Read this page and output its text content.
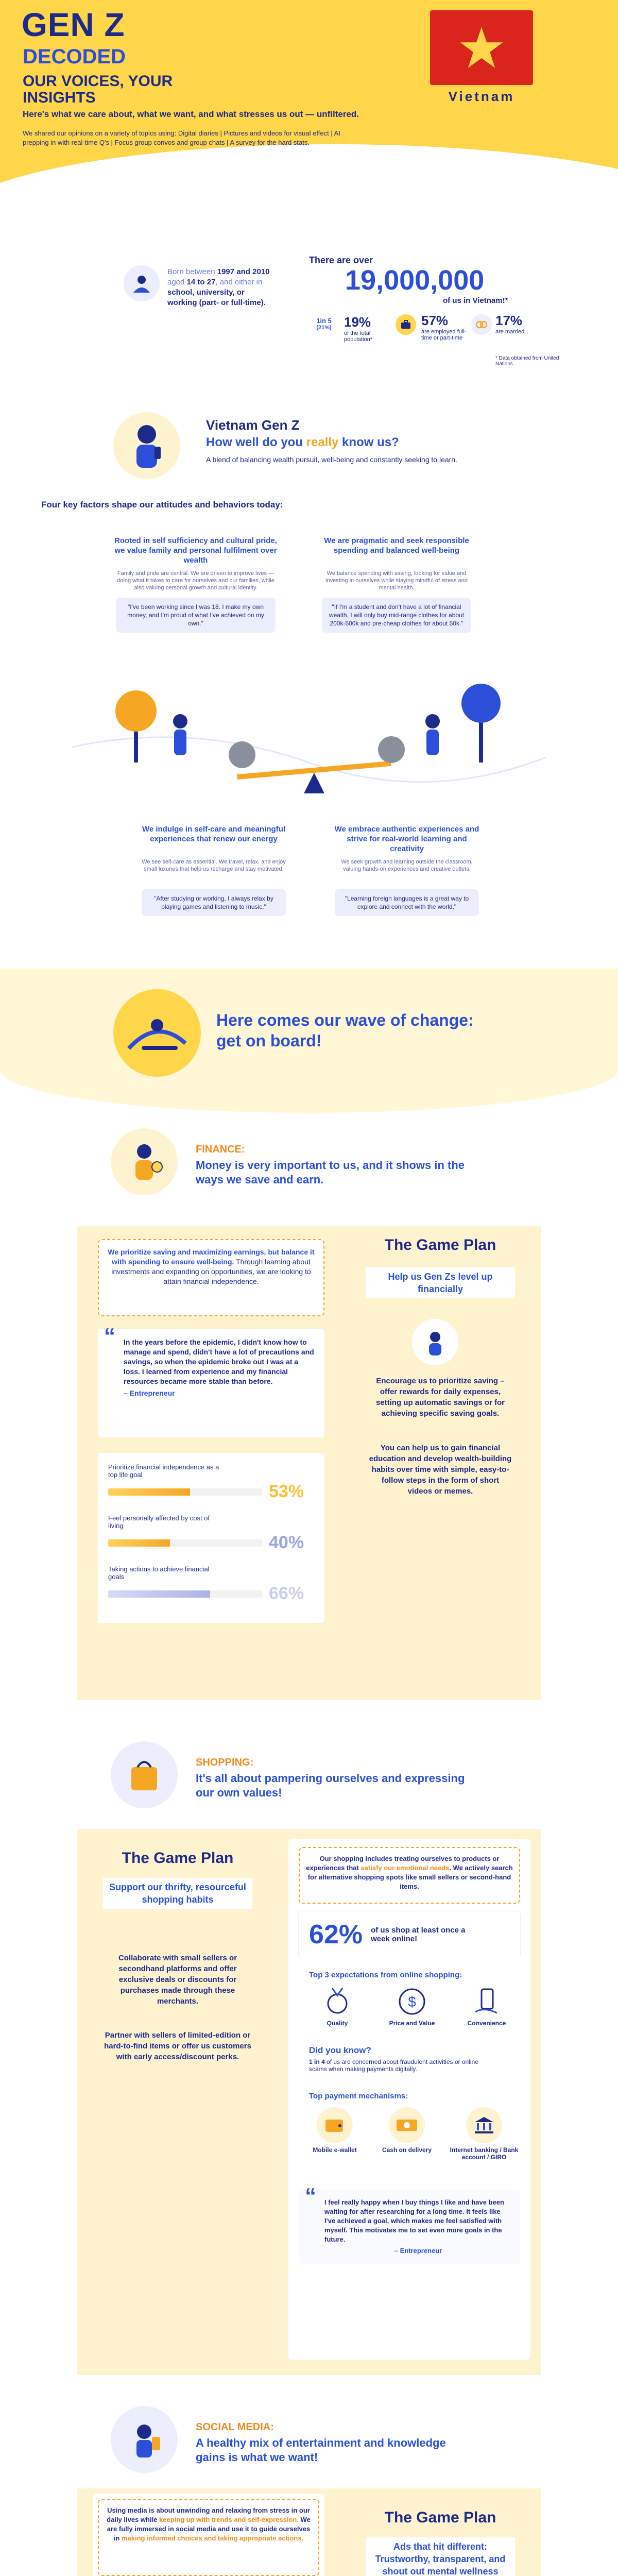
GEN Z
DECODED
OUR VOICES, YOUR
INSIGHTS
Here's what we care about, what we want, and what stresses us out — unfiltered.
We shared our opinions on a variety of topics using: Digital diaries | Pictures and videos for visual effect | AI
prepping in with real-time Q's | Focus group convos and group chats | A survey for the hard stats.
Vietnam
Born between 1997 and 2010
aged 14 to 27, and either in
school, university, or
working (part- or full-time).
There are over
19,000,000
of us in Vietnam!*
1in 5
(21%) 19%
of the total population*
57%
are employed full-time or part-time
17%
are married
* Data obtained from United Nations
Vietnam Gen Z
How well do you really know us?
A blend of balancing wealth pursuit, well-being and constantly seeking to learn.
Four key factors shape our attitudes and behaviors today:
Rooted in self sufficiency and cultural pride, we value family and personal fulfilment over wealth
Family and pride are central. We are driven to improve lives — doing what it takes to care for ourselves and our families, while also valuing personal growth and cultural identity.
"I've been working since I was 18. I make my own money, and I'm proud of what I've achieved on my own."
We are pragmatic and seek responsible spending and balanced well-being
We balance spending with saving, looking for value and investing in ourselves while staying mindful of stress and mental health.
"If I'm a student and don't have a lot of financial wealth, I will only buy mid-range clothes for about 200k-500k and pre-cheap clothes for about 50k."
We indulge in self-care and meaningful experiences that renew our energy
We see self-care as essential. We travel, relax, and enjoy small luxuries that help us recharge and stay motivated.
"After studying or working, I always relax by playing games and listening to music."
We embrace authentic experiences and strive for real-world learning and creativity
We seek growth and learning outside the classroom, valuing hands-on experiences and creative outlets.
"Learning foreign languages is a great way to explore and connect with the world."
Here comes our wave of change:
get on board!
FINANCE:
Money is very important to us, and it shows in the
ways we save and earn.
We prioritize saving and maximizing earnings, but balance it with spending to ensure well-being. Through learning about investments and expanding on opportunities, we are looking to attain financial independence.
“ In the years before the epidemic, I didn't know how to manage and spend, didn't have a lot of precautions and savings, so when the epidemic broke out I was at a loss. I learned from experience and my financial resources became more stable than before.
– Entrepreneur
Prioritize financial independence as a top life goal
53%
Feel personally affected by cost of living
40%
Taking actions to achieve financial goals
66%
The Game Plan
Help us Gen Zs level up financially
Encourage us to prioritize saving – offer rewards for daily expenses, setting up automatic savings or for achieving specific saving goals.
You can help us to gain financial education and develop wealth-building habits over time with simple, easy-to-follow steps in the form of short videos or memes.
SHOPPING:
It's all about pampering ourselves and expressing
our own values!
The Game Plan
Support our thrifty, resourceful shopping habits
Collaborate with small sellers or secondhand platforms and offer exclusive deals or discounts for purchases made through these merchants.
Partner with sellers of limited-edition or hard-to-find items or offer us customers with early access/discount perks.
Our shopping includes treating ourselves to products or experiences that satisfy our emotional needs. We actively search for alternative shopping spots like small sellers or second-hand items.
62% of us shop at least once a week online!
Top 3 expectations from online shopping:
Quality
$
Price and Value	Convenience
Did you know?
1 in 4 of us are concerned about fraudulent activities or online scams when making payments digitally.
Top payment mechanisms:
Mobile e-wallet	Cash on delivery	Internet banking / Bank account / GIRO
“ I feel really happy when I buy things I like and have been waiting for after researching for a long time. It feels like I've achieved a goal, which makes me feel satisfied with myself. This motivates me to set even more goals in the future.
– Entrepreneur
SOCIAL MEDIA:
A healthy mix of entertainment and knowledge
gains is what we want!
Using media is about unwinding and relaxing from stress in our daily lives while keeping up with trends and self-expression. We are fully immersed in social media and use it to guide ourselves in making informed choices and taking appropriate actions.
The Game Plan
Ads that hit different: Trustworthy, transparent, and shout out mental wellness
